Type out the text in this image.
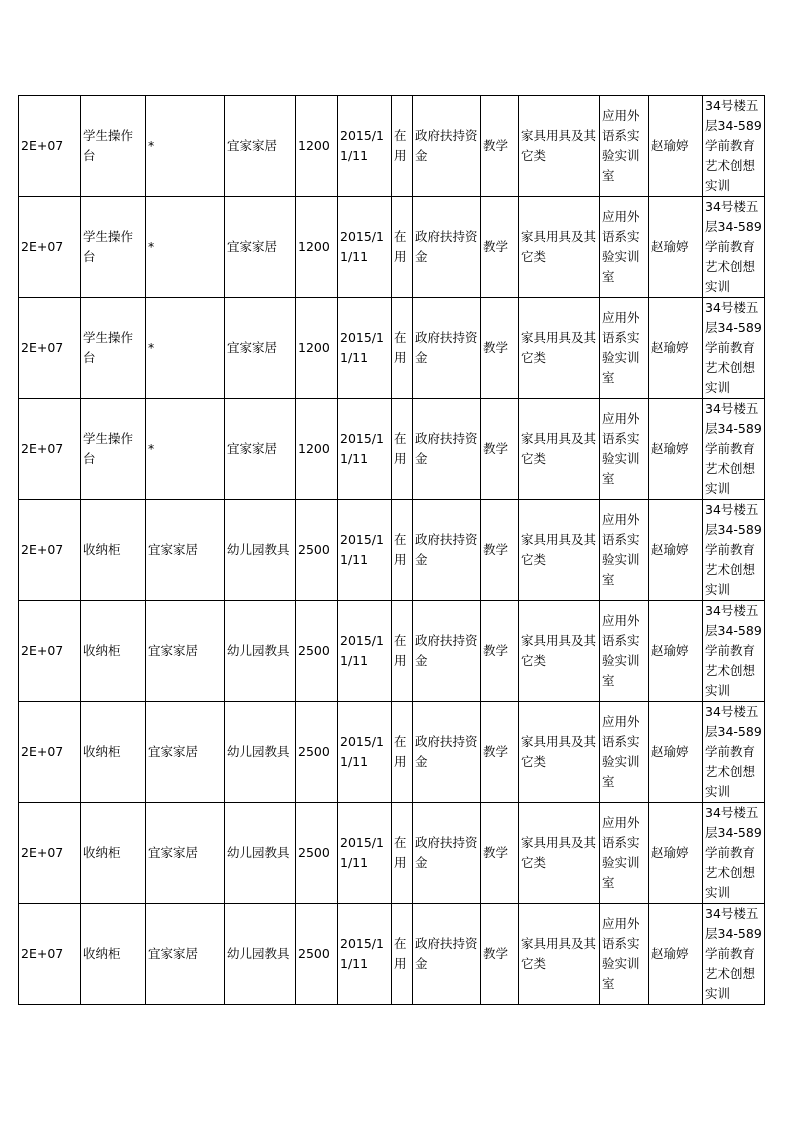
2E+07	学生操作台	*	宜家家居	1200	2015/11/11	在用	政府扶持资金	教学	家具用具及其它类	应用外语系实验实训室	赵瑜婷	34号楼五层34-589学前教育艺术创想实训
2E+07	学生操作台	*	宜家家居	1200	2015/11/11	在用	政府扶持资金	教学	家具用具及其它类	应用外语系实验实训室	赵瑜婷	34号楼五层34-589学前教育艺术创想实训
2E+07	学生操作台	*	宜家家居	1200	2015/11/11	在用	政府扶持资金	教学	家具用具及其它类	应用外语系实验实训室	赵瑜婷	34号楼五层34-589学前教育艺术创想实训
2E+07	学生操作台	*	宜家家居	1200	2015/11/11	在用	政府扶持资金	教学	家具用具及其它类	应用外语系实验实训室	赵瑜婷	34号楼五层34-589学前教育艺术创想实训
2E+07	收纳柜	宜家家居	幼儿园教具	2500	2015/11/11	在用	政府扶持资金	教学	家具用具及其它类	应用外语系实验实训室	赵瑜婷	34号楼五层34-589学前教育艺术创想实训
2E+07	收纳柜	宜家家居	幼儿园教具	2500	2015/11/11	在用	政府扶持资金	教学	家具用具及其它类	应用外语系实验实训室	赵瑜婷	34号楼五层34-589学前教育艺术创想实训
2E+07	收纳柜	宜家家居	幼儿园教具	2500	2015/11/11	在用	政府扶持资金	教学	家具用具及其它类	应用外语系实验实训室	赵瑜婷	34号楼五层34-589学前教育艺术创想实训
2E+07	收纳柜	宜家家居	幼儿园教具	2500	2015/11/11	在用	政府扶持资金	教学	家具用具及其它类	应用外语系实验实训室	赵瑜婷	34号楼五层34-589学前教育艺术创想实训
2E+07	收纳柜	宜家家居	幼儿园教具	2500	2015/11/11	在用	政府扶持资金	教学	家具用具及其它类	应用外语系实验实训室	赵瑜婷	34号楼五层34-589学前教育艺术创想实训
